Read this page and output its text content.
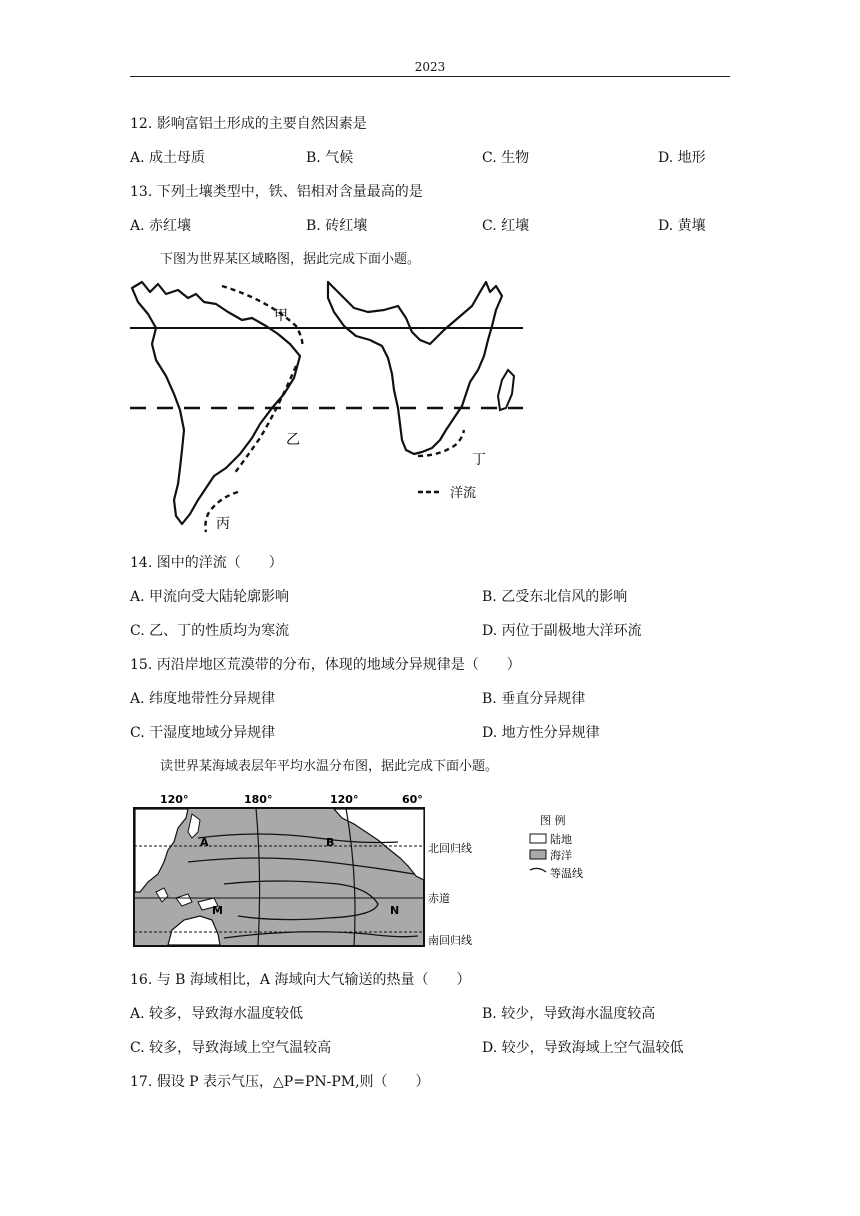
2023
12. 影响富铝土形成的主要自然因素是
A. 成土母质	B. 气候	C. 生物	D. 地形
13. 下列土壤类型中，铁、铝相对含量最高的是
A. 赤红壤	B. 砖红壤	C. 红壤	D. 黄壤
下图为世界某区域略图，据此完成下面小题。
甲
乙
丙
丁
洋流
14. 图中的洋流（　　）
A. 甲流向受大陆轮廓影响	B. 乙受东北信风的影响
C. 乙、丁的性质均为寒流	D. 丙位于副极地大洋环流
15. 丙沿岸地区荒漠带的分布，体现的地域分异规律是（　　）
A. 纬度地带性分异规律	B. 垂直分异规律
C. 干湿度地域分异规律	D. 地方性分异规律
读世界某海域表层年平均水温分布图，据此完成下面小题。
120°	180°	120°	60°
A	B
M	N
北回归线
赤道
南回归线
图 例
陆地
海洋
等温线
16. 与 B 海域相比，A 海域向大气输送的热量（　　）
A. 较多，导致海水温度较低	B. 较少，导致海水温度较高
C. 较多，导致海域上空气温较高	D. 较少，导致海域上空气温较低
17. 假设 P 表示气压，△P=PN-PM,则（　　）
